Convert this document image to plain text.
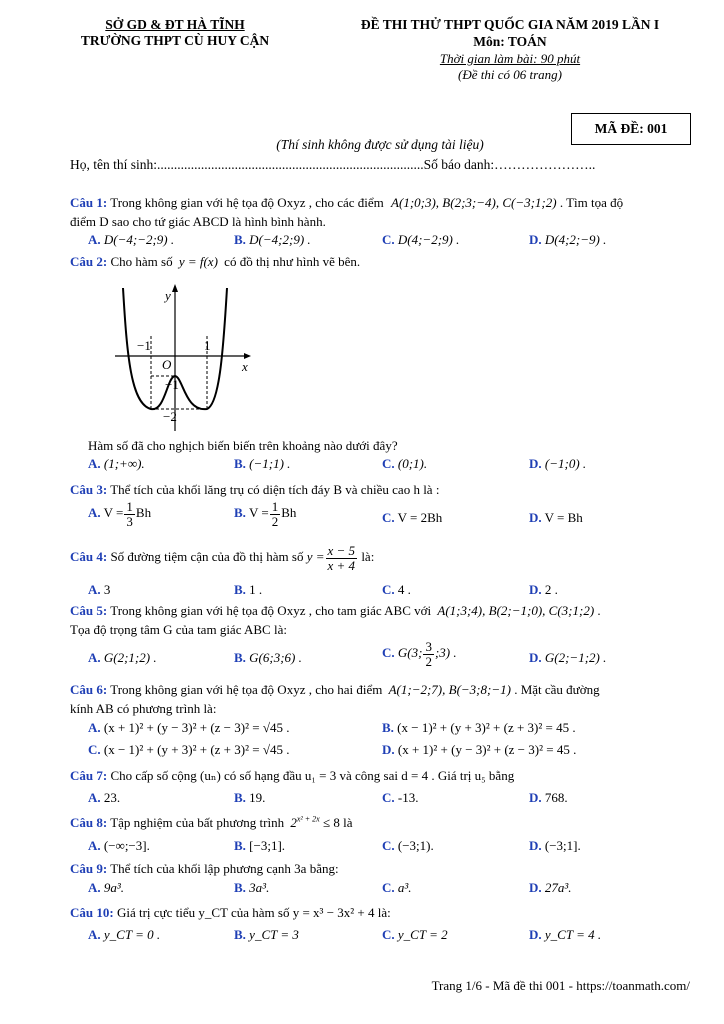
SỞ GD & ĐT HÀ TĨNH
TRƯỜNG THPT CÙ HUY CẬN
ĐỀ THI THỬ THPT QUỐC GIA NĂM 2019 LẦN I
Môn: TOÁN
Thời gian làm bài: 90 phút
(Đề thi có 06 trang)
MÃ ĐỀ: 001
(Thí sinh không được sử dụng tài liệu)
Họ, tên thí sinh:...............................................................................Số báo danh:…………………..
Câu 1: Trong không gian với hệ tọa độ Oxyz , cho các điểm A(1;0;3), B(2;3;−4), C(−3;1;2) . Tìm tọa độ
điểm D sao cho tứ giác ABCD là hình bình hành.
A. D(−4;−2;9) .	B. D(−4;2;9) .	C. D(4;−2;9) .	D. D(4;2;−9) .
Câu 2: Cho hàm số y = f(x) có đồ thị như hình vẽ bên.
y
x
O
−1	1
−1
−2
Hàm số đã cho nghịch biến biến trên khoảng nào dưới đây?
A. (1;+∞).	B. (−1;1) .	C. (0;1).	D. (−1;0) .
Câu 3: Thể tích của khối lăng trụ có diện tích đáy B và chiều cao h là :
A. $V = \frac{1}{3}$ Bh	B. $V = \frac{1}{2}$ Bh	C. V = 2Bh	D. V = Bh
Câu 4: Số đường tiệm cận của đồ thị hàm số $y = \frac{x - 5}{x + 4}$ là:
A. 3	B. 1 .	C. 4 .	D. 2 .
Câu 5: Trong không gian với hệ tọa độ Oxyz , cho tam giác ABC với A(1;3;4), B(2;−1;0), C(3;1;2) .
Tọa độ trọng tâm G của tam giác ABC là:
A. G(2;1;2) .	B. G(6;3;6) .	C. G(3; $\frac{3}{2}$ ;3) .	D. G(2;−1;2) .
Câu 6: Trong không gian với hệ tọa độ Oxyz , cho hai điểm A(1;−2;7), B(−3;8;−1) . Mặt cầu đường
kính AB có phương trình là:
A. (x + 1)² + (y − 3)² + (z − 3)² = √45 .	B. (x − 1)² + (y + 3)² + (z + 3)² = 45 .
C. (x − 1)² + (y + 3)² + (z + 3)² = √45 .	D. (x + 1)² + (y − 3)² + (z − 3)² = 45 .
Câu 7: Cho cấp số cộng (uₙ) có số hạng đầu u₁ = 3 và công sai d = 4 . Giá trị u₅ bằng
A. 23.	B. 19.	C. -13.	D. 768.
Câu 8: Tập nghiệm của bất phương trình $2^{x^2 + 2x} \le 8$ là
A. (−∞;−3].	B. [−3;1].	C. (−3;1).	D. (−3;1].
Câu 9: Thể tích của khối lập phương cạnh 3a bằng:
A. 9a³.	B. 3a³.	C. a³.	D. 27a³.
Câu 10: Giá trị cực tiểu y_CT của hàm số y = x³ − 3x² + 4 là:
A. y_CT = 0 .	B. y_CT = 3	C. y_CT = 2	D. y_CT = 4 .
Trang 1/6 - Mã đề thi 001 - https://toanmath.com/
